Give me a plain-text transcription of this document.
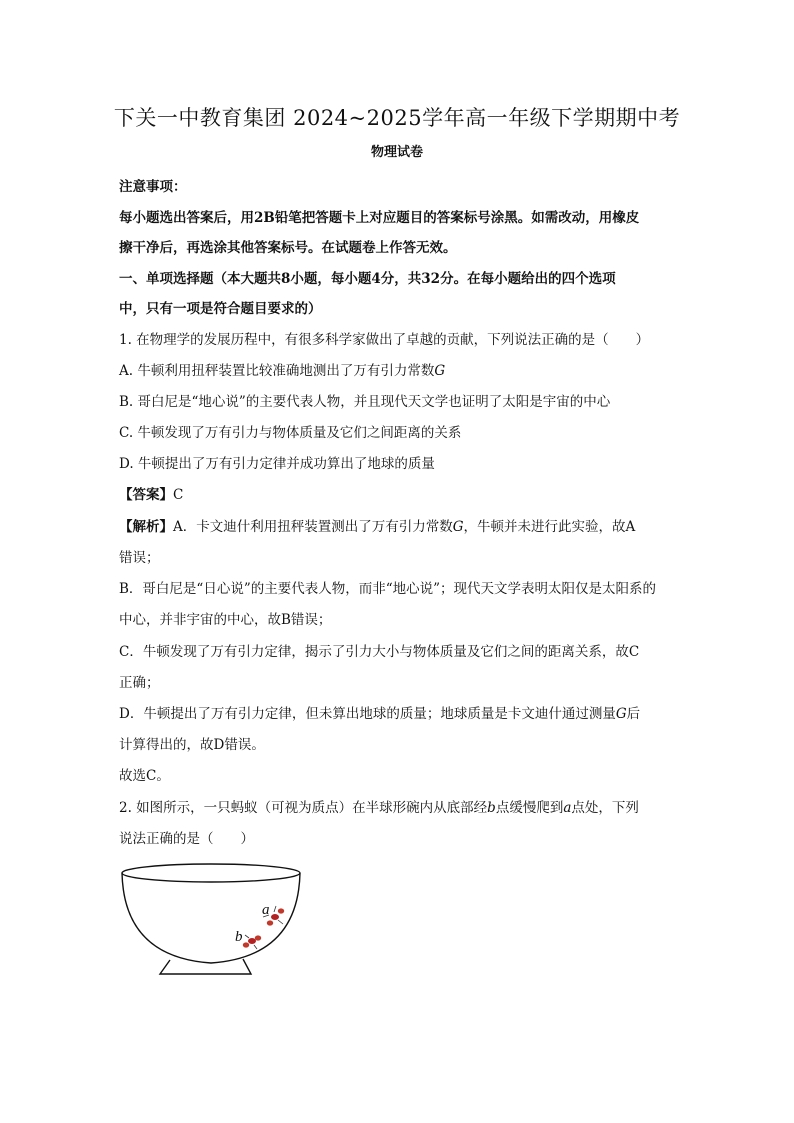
下关一中教育集团 2024~2025学年高一年级下学期期中考
物理试卷
注意事项：
每小题选出答案后，用2B铅笔把答题卡上对应题目的答案标号涂黑。如需改动，用橡皮
擦干净后，再选涂其他答案标号。在试题卷上作答无效。
一、单项选择题（本大题共8小题，每小题4分，共32分。在每小题给出的四个选项
中，只有一项是符合题目要求的）
1. 在物理学的发展历程中，有很多科学家做出了卓越的贡献，下列说法正确的是（　　）
A. 牛顿利用扭秤装置比较准确地测出了万有引力常数G
B. 哥白尼是“地心说”的主要代表人物，并且现代天文学也证明了太阳是宇宙的中心
C. 牛顿发现了万有引力与物体质量及它们之间距离的关系
D. 牛顿提出了万有引力定律并成功算出了地球的质量
【答案】C
【解析】A．卡文迪什利用扭秤装置测出了万有引力常数G，牛顿并未进行此实验，故A
错误；
B．哥白尼是“日心说”的主要代表人物，而非“地心说”；现代天文学表明太阳仅是太阳系的
中心，并非宇宙的中心，故B错误；
C．牛顿发现了万有引力定律，揭示了引力大小与物体质量及它们之间的距离关系，故C
正确；
D．牛顿提出了万有引力定律，但未算出地球的质量；地球质量是卡文迪什通过测量G后
计算得出的，故D错误。
故选C。
2. 如图所示，一只蚂蚁（可视为质点）在半球形碗内从底部经b点缓慢爬到a点处，下列
说法正确的是（　　）
a
b
